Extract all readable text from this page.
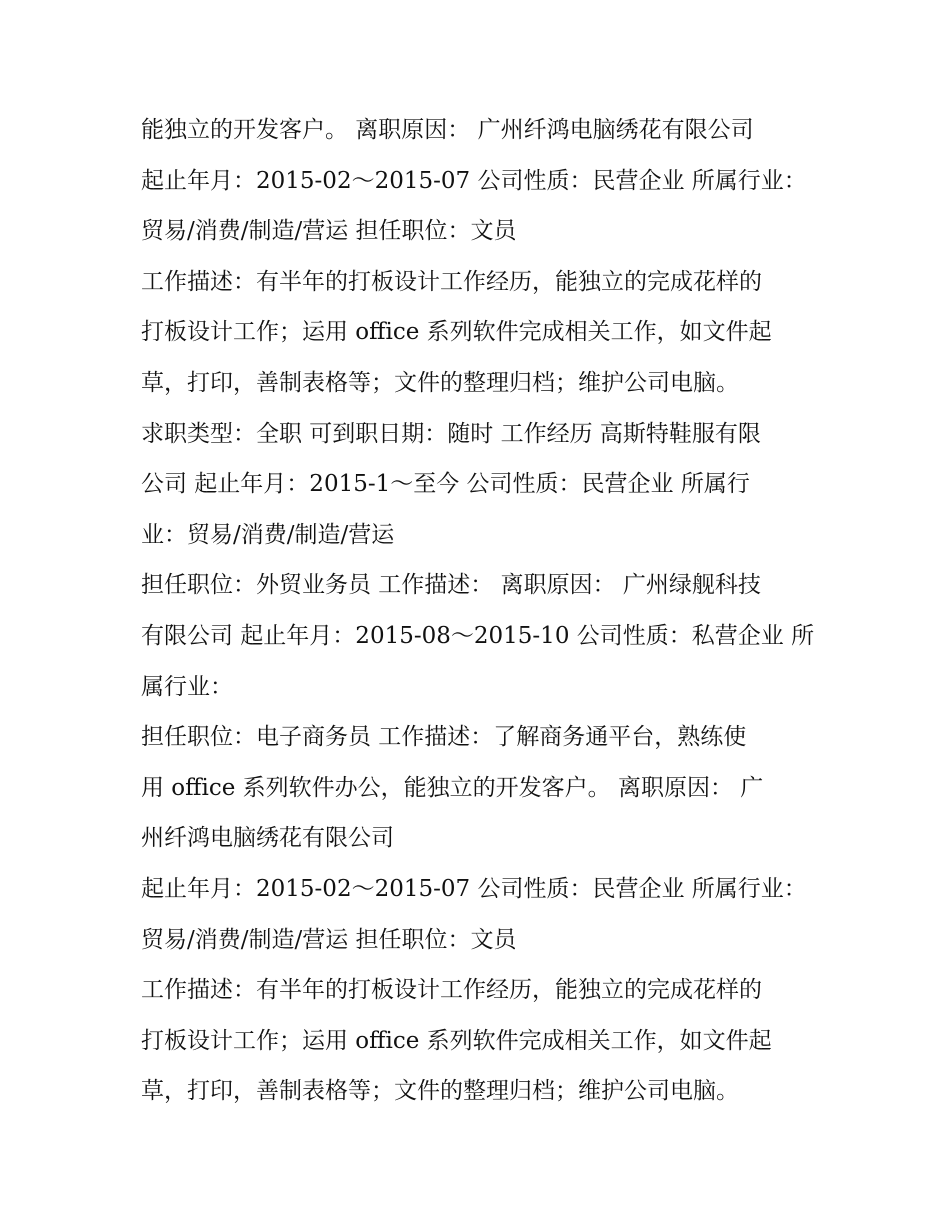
能独立的开发客户。 离职原因： 广州纤鸿电脑绣花有限公司
起止年月：2015-02～2015-07 公司性质：民营企业 所属行业：
贸易/消费/制造/营运 担任职位：文员
工作描述：有半年的打板设计工作经历，能独立的完成花样的
打板设计工作；运用 office 系列软件完成相关工作，如文件起
草，打印，善制表格等；文件的整理归档；维护公司电脑。
求职类型：全职 可到职日期：随时 工作经历 高斯特鞋服有限
公司 起止年月：2015-1～至今 公司性质：民营企业 所属行
业：贸易/消费/制造/营运
担任职位：外贸业务员 工作描述： 离职原因： 广州绿舰科技
有限公司 起止年月：2015-08～2015-10 公司性质：私营企业 所
属行业：
担任职位：电子商务员 工作描述：了解商务通平台，熟练使
用 office 系列软件办公，能独立的开发客户。 离职原因： 广
州纤鸿电脑绣花有限公司
起止年月：2015-02～2015-07 公司性质：民营企业 所属行业：
贸易/消费/制造/营运 担任职位：文员
工作描述：有半年的打板设计工作经历，能独立的完成花样的
打板设计工作；运用 office 系列软件完成相关工作，如文件起
草，打印，善制表格等；文件的整理归档；维护公司电脑。
